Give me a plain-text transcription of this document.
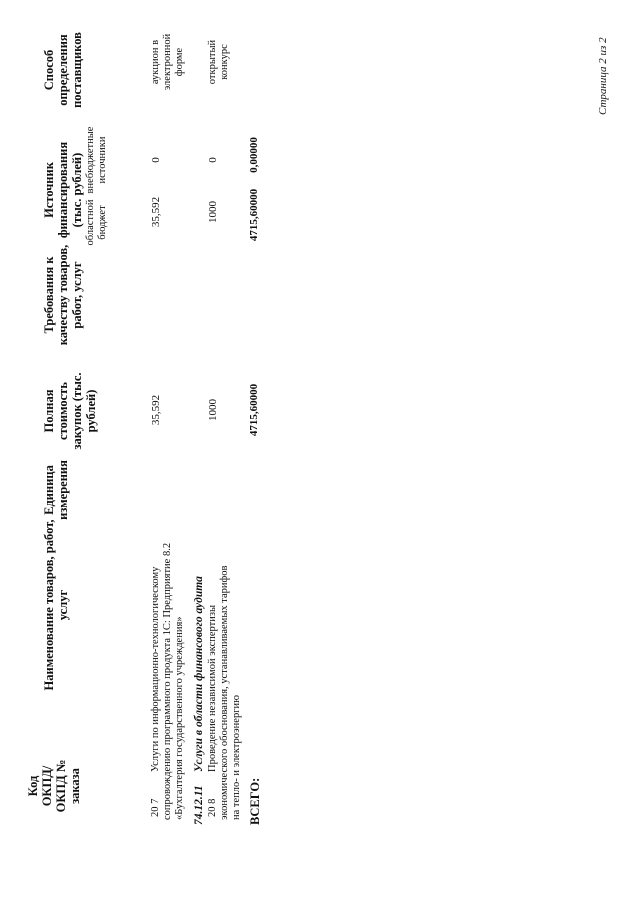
Код ОКПД/ ОКПД № заказа
Наименование товаров, работ, услуг
Единица измерения
Полная стоимость закупок (тыс. рублей)
Требования к качеству товаров, работ, услуг
Источник финансирования (тыс. рублей) областной бюджет
внебюджетные источники
Способ определения поставщиков
20 7
Услуги по информационно-технологическому сопровождению программного продукта 1С: Предприятие 8.2 «Бухгалтерия государственного учреждения»
35,592
35,592
0
аукцион в электронной форме
74.12.11
Услуги в области финансового аудита
20 8
Проведение независимой экспертизы экономического обоснования, устанавливаемых тарифов на тепло- и электроэнергию
1000
1000
0
открытый конкурс
ВСЕГО:
4715,60000
4715,60000
0,00000
Страница 2 из 2
